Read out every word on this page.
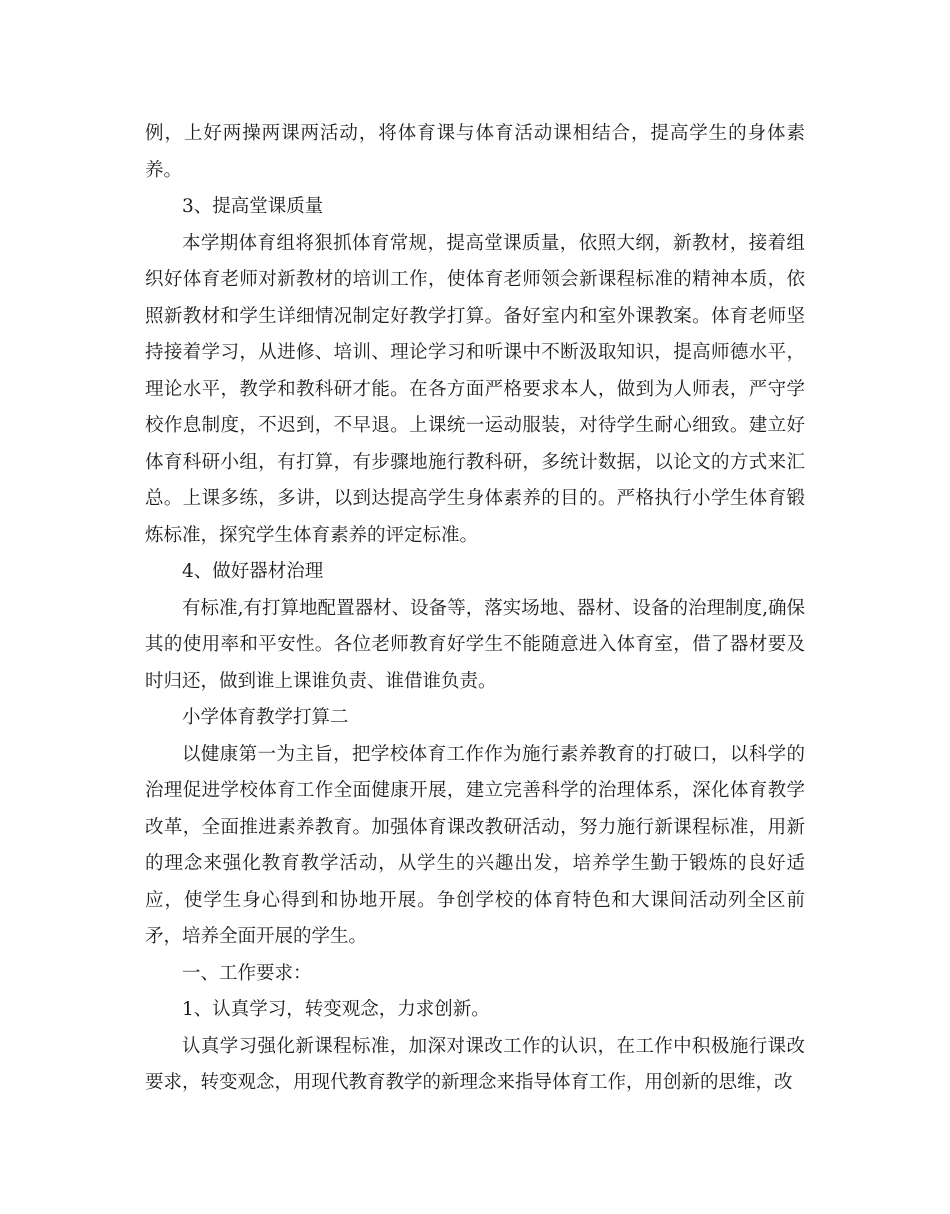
例，上好两操两课两活动，将体育课与体育活动课相结合，提高学生的身体素养。

3、提高堂课质量

本学期体育组将狠抓体育常规，提高堂课质量，依照大纲，新教材，接着组织好体育老师对新教材的培训工作，使体育老师领会新课程标准的精神本质，依照新教材和学生详细情况制定好教学打算。备好室内和室外课教案。体育老师坚持接着学习，从进修、培训、理论学习和听课中不断汲取知识，提高师德水平，理论水平，教学和教科研才能。在各方面严格要求本人，做到为人师表，严守学校作息制度，不迟到，不早退。上课统一运动服装，对待学生耐心细致。建立好体育科研小组，有打算，有步骤地施行教科研，多统计数据，以论文的方式来汇总。上课多练，多讲，以到达提高学生身体素养的目的。严格执行小学生体育锻炼标准，探究学生体育素养的评定标准。

4、做好器材治理

有标准,有打算地配置器材、设备等，落实场地、器材、设备的治理制度,确保其的使用率和平安性。各位老师教育好学生不能随意进入体育室，借了器材要及时归还，做到谁上课谁负责、谁借谁负责。

小学体育教学打算二

以健康第一为主旨，把学校体育工作作为施行素养教育的打破口，以科学的治理促进学校体育工作全面健康开展，建立完善科学的治理体系，深化体育教学改革，全面推进素养教育。加强体育课改教研活动，努力施行新课程标准，用新的理念来强化教育教学活动，从学生的兴趣出发，培养学生勤于锻炼的良好适应，使学生身心得到和协地开展。争创学校的体育特色和大课间活动列全区前矛，培养全面开展的学生。

一、工作要求：

1、认真学习，转变观念，力求创新。

认真学习强化新课程标准，加深对课改工作的认识，在工作中积极施行课改要求，转变观念，用现代教育教学的新理念来指导体育工作，用创新的思维，改
